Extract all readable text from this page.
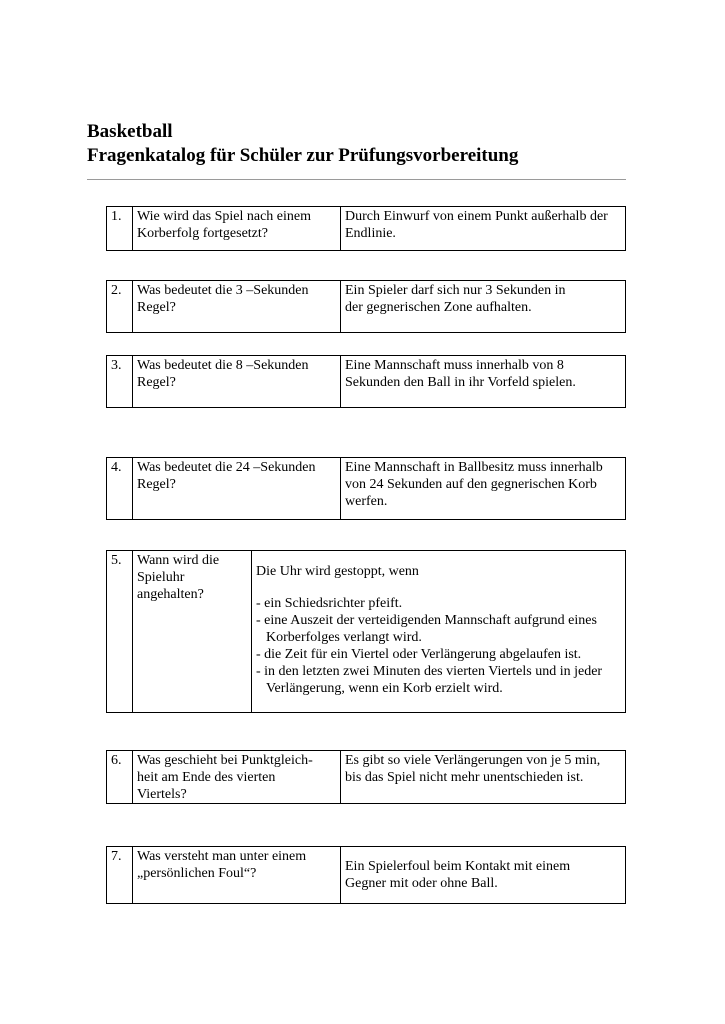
Basketball
Fragenkatalog für Schüler zur Prüfungsvorbereitung
1.	Wie wird das Spiel nach einem
Korberfolg fortgesetzt?

Durch Einwurf von einem Punkt außerhalb der
Endlinie.
2.	Was bedeutet die 3 –Sekunden
Regel?

Ein Spieler darf sich nur 3 Sekunden in
der gegnerischen Zone aufhalten.
3.	Was bedeutet die 8 –Sekunden
Regel?

Eine Mannschaft muss innerhalb von 8
Sekunden den Ball in ihr Vorfeld spielen.
4.	Was bedeutet die 24 –Sekunden
Regel?

Eine Mannschaft in Ballbesitz muss innerhalb
von 24 Sekunden auf den gegnerischen Korb
werfen.
5.	Wann wird die
Spieluhr
angehalten?

Die Uhr wird gestoppt, wenn
- ein Schiedsrichter pfeift.
- eine Auszeit der verteidigenden Mannschaft aufgrund eines
Korberfolges verlangt wird.
- die Zeit für ein Viertel oder Verlängerung abgelaufen ist.
- in den letzten zwei Minuten des vierten Viertels und in jeder
Verlängerung, wenn ein Korb erzielt wird.
6.	Was geschieht bei Punktgleich-
heit am Ende des vierten
Viertels?

Es gibt so viele Verlängerungen von je 5 min,
bis das Spiel nicht mehr unentschieden ist.
7.	Was versteht man unter einem
„persönlichen Foul“?	Ein Spielerfoul beim Kontakt mit einem
Gegner mit oder ohne Ball.
